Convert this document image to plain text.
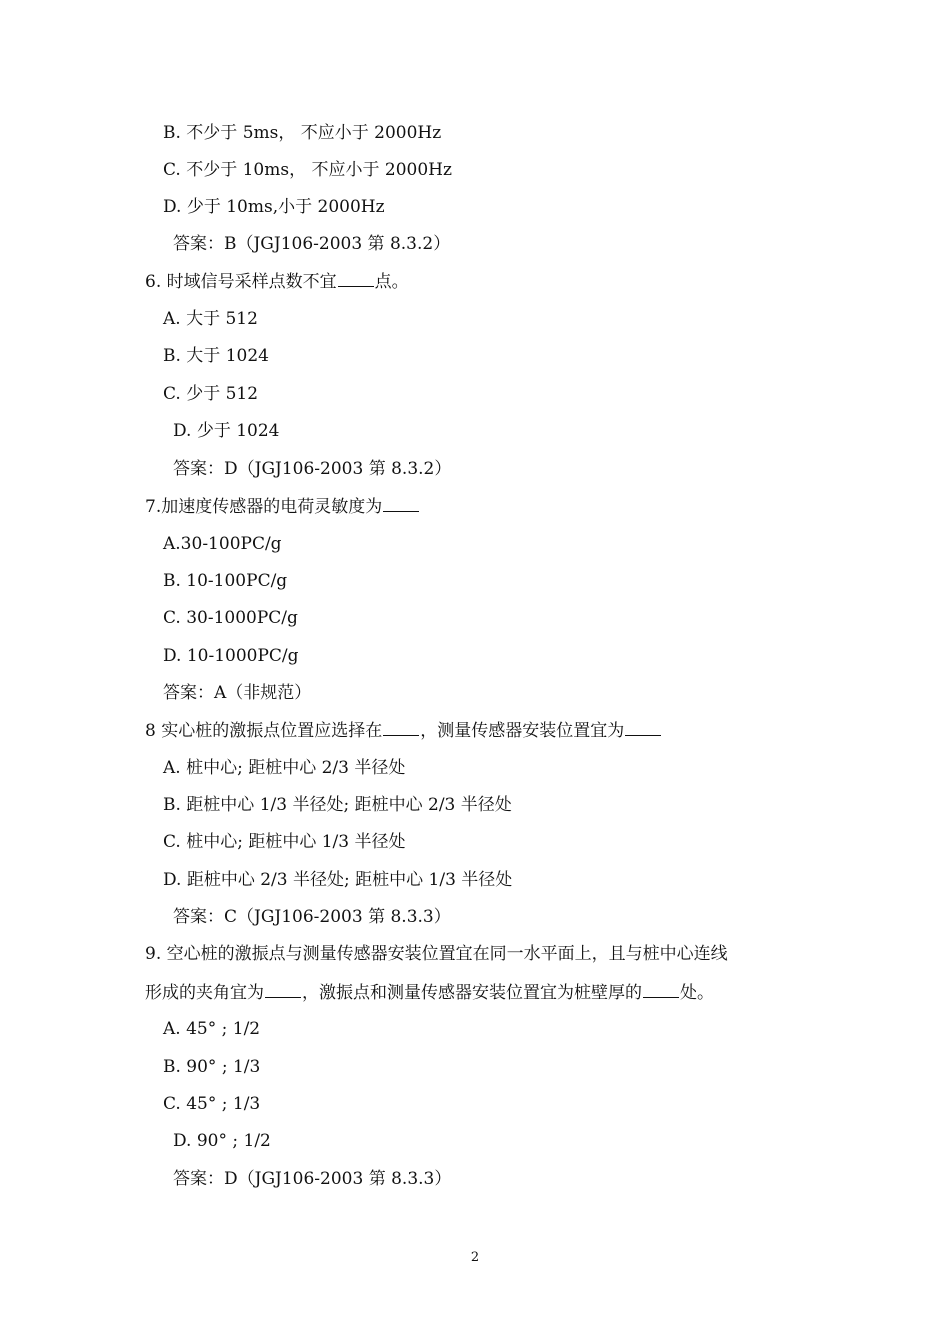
B. 不少于 5ms， 不应小于 2000Hz
C. 不少于 10ms， 不应小于 2000Hz
D. 少于 10ms,小于 2000Hz
答案：B（JGJ106-2003 第 8.3.2）
6. 时域信号采样点数不宜 点。
A. 大于 512
B. 大于 1024
C. 少于 512
D. 少于 1024
答案：D（JGJ106-2003 第 8.3.2）
7.加速度传感器的电荷灵敏度为
A.30-100PC/g
B. 10-100PC/g
C. 30-1000PC/g
D. 10-1000PC/g
答案：A（非规范）
8 实心桩的激振点位置应选择在 ，测量传感器安装位置宜为
A. 桩中心; 距桩中心 2/3 半径处
B. 距桩中心 1/3 半径处; 距桩中心 2/3 半径处
C. 桩中心; 距桩中心 1/3 半径处
D. 距桩中心 2/3 半径处; 距桩中心 1/3 半径处
答案：C（JGJ106-2003 第 8.3.3）
9. 空心桩的激振点与测量传感器安装位置宜在同一水平面上，且与桩中心连线
形成的夹角宜为 ，激振点和测量传感器安装位置宜为桩壁厚的 处。
A. 45° ; 1/2
B. 90° ; 1/3
C. 45° ; 1/3
D. 90° ; 1/2
答案：D（JGJ106-2003 第 8.3.3）
2
